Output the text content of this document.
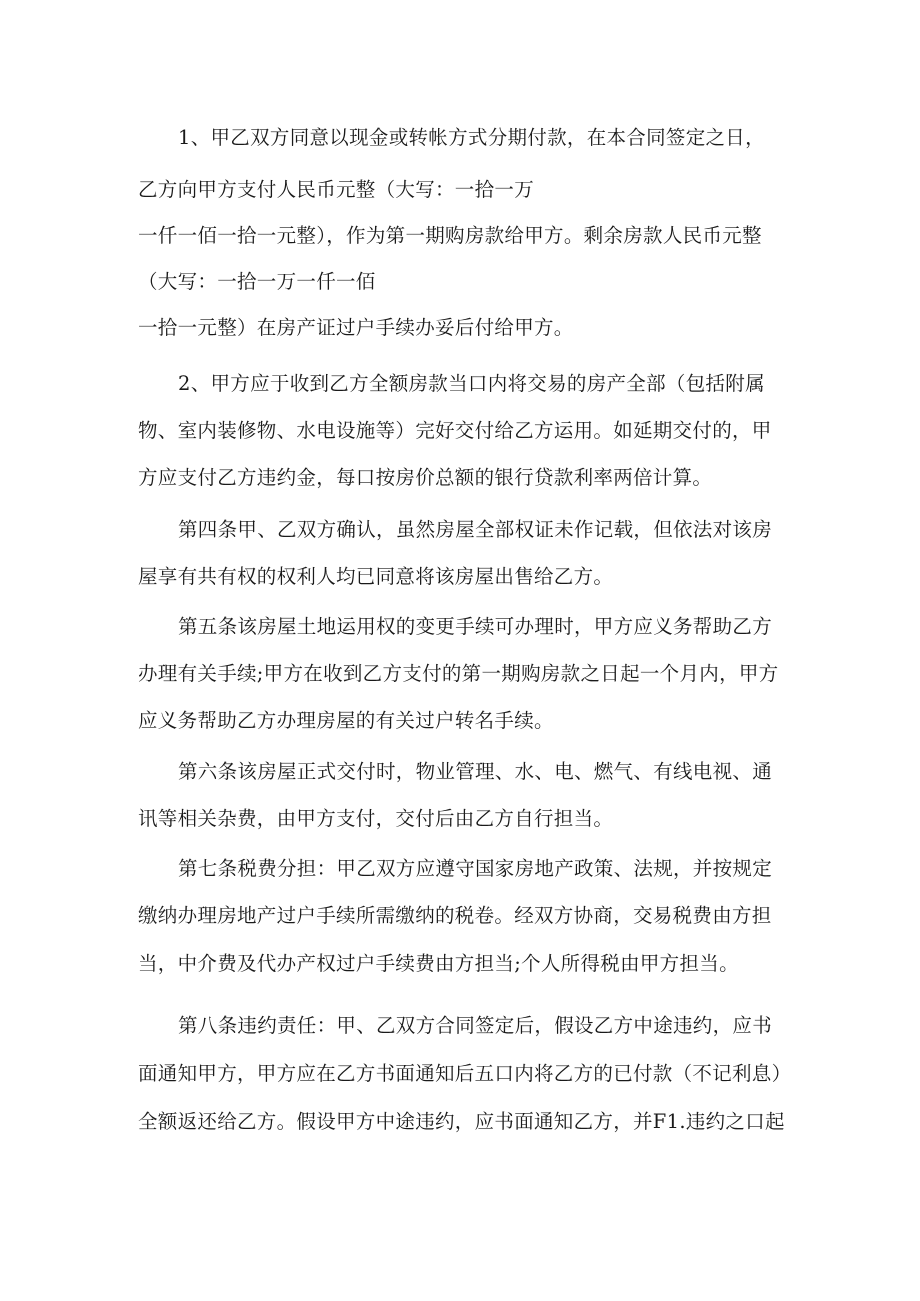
1、甲乙双方同意以现金或转帐方式分期付款，在本合同签定之日，
乙方向甲方支付人民币元整（大写：一拾一万
一仟一佰一拾一元整），作为第一期购房款给甲方。剩余房款人民币元整
（大写：一拾一万一仟一佰
一拾一元整）在房产证过户手续办妥后付给甲方。
2、甲方应于收到乙方全额房款当口内将交易的房产全部（包括附属
物、室内装修物、水电设施等）完好交付给乙方运用。如延期交付的，甲
方应支付乙方违约金，每口按房价总额的银行贷款利率两倍计算。
第四条甲、乙双方确认，虽然房屋全部权证未作记载，但依法对该房
屋享有共有权的权利人均已同意将该房屋出售给乙方。
第五条该房屋土地运用权的变更手续可办理时，甲方应义务帮助乙方
办理有关手续;甲方在收到乙方支付的第一期购房款之日起一个月内，甲方
应义务帮助乙方办理房屋的有关过户转名手续。
第六条该房屋正式交付时，物业管理、水、电、燃气、有线电视、通
讯等相关杂费，由甲方支付，交付后由乙方自行担当。
第七条税费分担：甲乙双方应遵守国家房地产政策、法规，并按规定
缴纳办理房地产过户手续所需缴纳的税卷。经双方协商，交易税费由方担
当，中介费及代办产权过户手续费由方担当;个人所得税由甲方担当。
第八条违约责任：甲、乙双方合同签定后，假设乙方中途违约，应书
面通知甲方，甲方应在乙方书面通知后五口内将乙方的已付款（不记利息）
全额返还给乙方。假设甲方中途违约，应书面通知乙方，并F1.违约之口起
